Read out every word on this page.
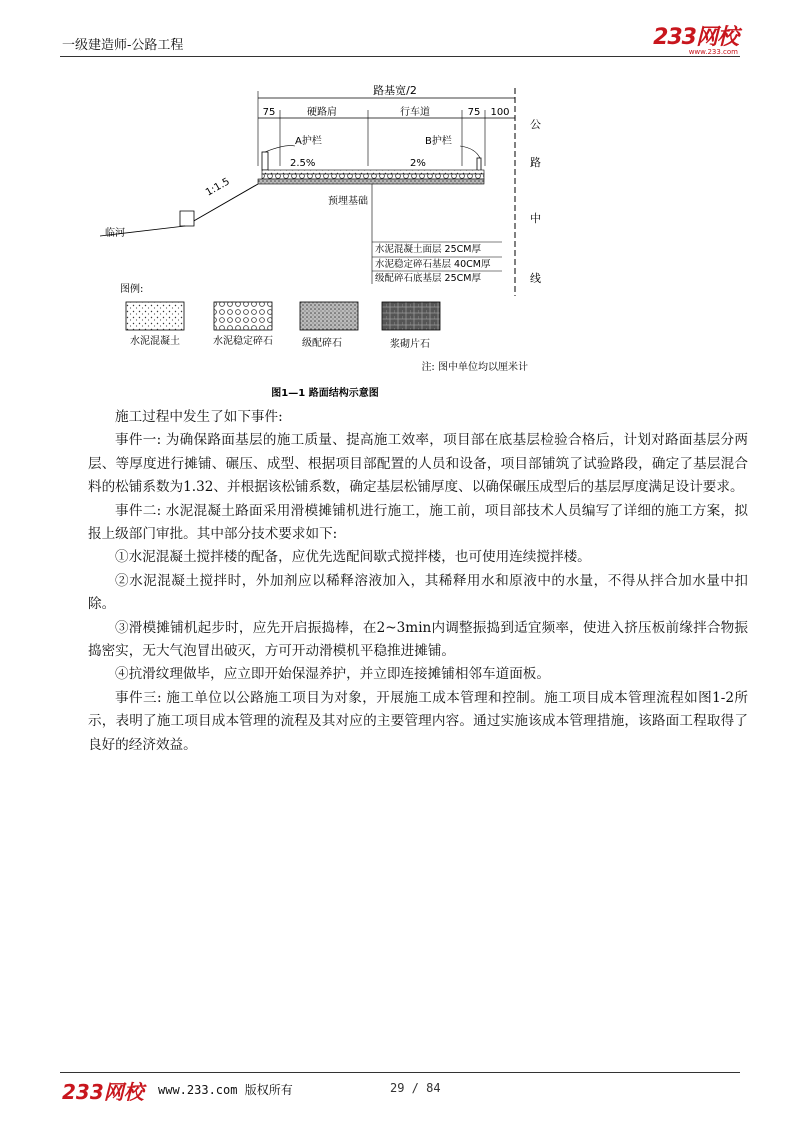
一级建造师-公路工程	233网校
www.233.com
路基宽/2
75	硬路肩	行车道	75 100
公
路
中
线
A护栏	B护栏
2.5%	2%
预埋基础
1:1.5
临河
水泥混凝土面层 25CM厚
水泥稳定碎石基层 40CM厚
级配碎石底基层 25CM厚
图例:
水泥混凝土	水泥稳定碎石	级配碎石	浆砌片石
注: 图中单位均以厘米计
图1—1 路面结构示意图

施工过程中发生了如下事件:

事件一: 为确保路面基层的施工质量、提高施工效率，项目部在底基层检验合格后，计划对路面基层分两层、等厚度进行摊铺、碾压、成型、根据项目部配置的人员和设备，项目部铺筑了试验路段，确定了基层混合料的松铺系数为1.32、并根据该松铺系数，确定基层松铺厚度、以确保碾压成型后的基层厚度满足设计要求。

事件二: 水泥混凝土路面采用滑模摊铺机进行施工，施工前，项目部技术人员编写了详细的施工方案，拟报上级部门审批。其中部分技术要求如下:

①水泥混凝土搅拌楼的配备，应优先选配间歇式搅拌楼，也可使用连续搅拌楼。

②水泥混凝土搅拌时，外加剂应以稀释溶液加入，其稀释用水和原液中的水量，不得从拌合加水量中扣除。

③滑模摊铺机起步时，应先开启振捣棒，在2~3min内调整振捣到适宜频率，使进入挤压板前缘拌合物振捣密实，无大气泡冒出破灭，方可开动滑模机平稳推进摊铺。

④抗滑纹理做毕，应立即开始保湿养护，并立即连接摊铺相邻车道面板。

事件三: 施工单位以公路施工项目为对象，开展施工成本管理和控制。施工项目成本管理流程如图1-2所示，表明了施工项目成本管理的流程及其对应的主要管理内容。通过实施该成本管理措施，该路面工程取得了良好的经济效益。

233网校 www.233.com 版权所有	29 / 84
